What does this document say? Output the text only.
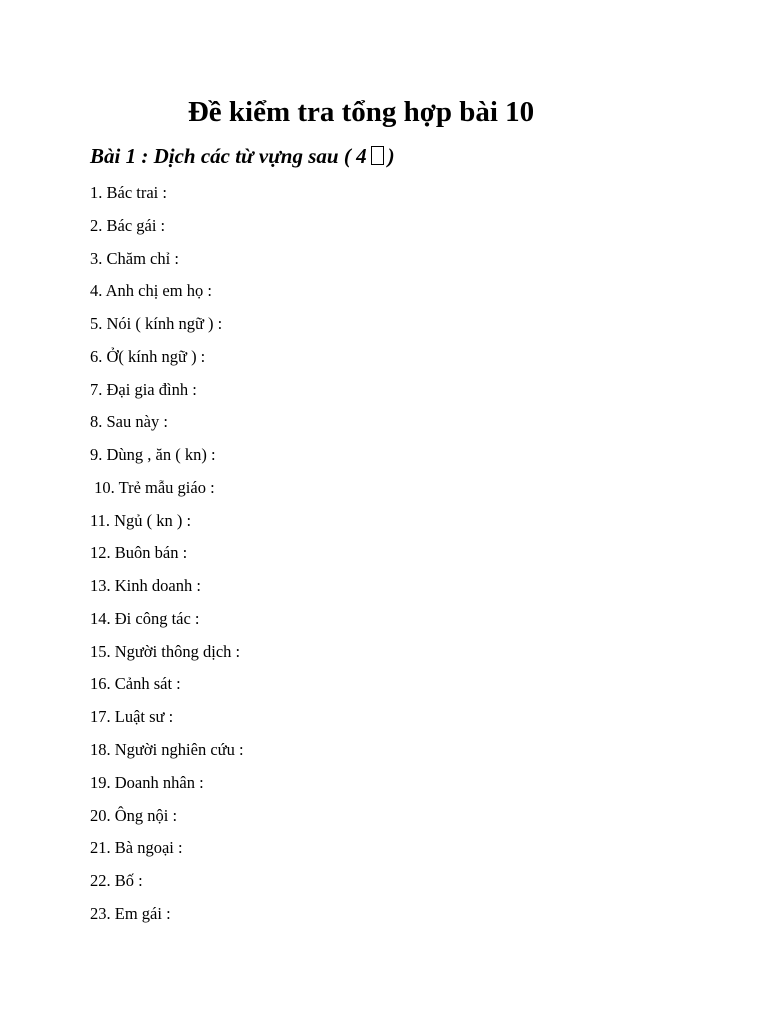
Đề kiểm tra tổng hợp bài 10
Bài 1 : Dịch các từ vựng sau ( 4 )
1. Bác trai :
2. Bác gái :
3. Chăm chỉ :
4. Anh chị em họ :
5. Nói ( kính ngữ ) :
6. Ở( kính ngữ ) :
7. Đại gia đình :
8. Sau này :
9. Dùng , ăn ( kn) :
10. Trẻ mẫu giáo :
11. Ngủ ( kn ) :
12. Buôn bán :
13. Kinh doanh :
14. Đi công tác :
15. Người thông dịch :
16. Cảnh sát :
17. Luật sư :
18. Người nghiên cứu :
19. Doanh nhân :
20. Ông nội :
21. Bà ngoại :
22. Bố :
23. Em gái :
